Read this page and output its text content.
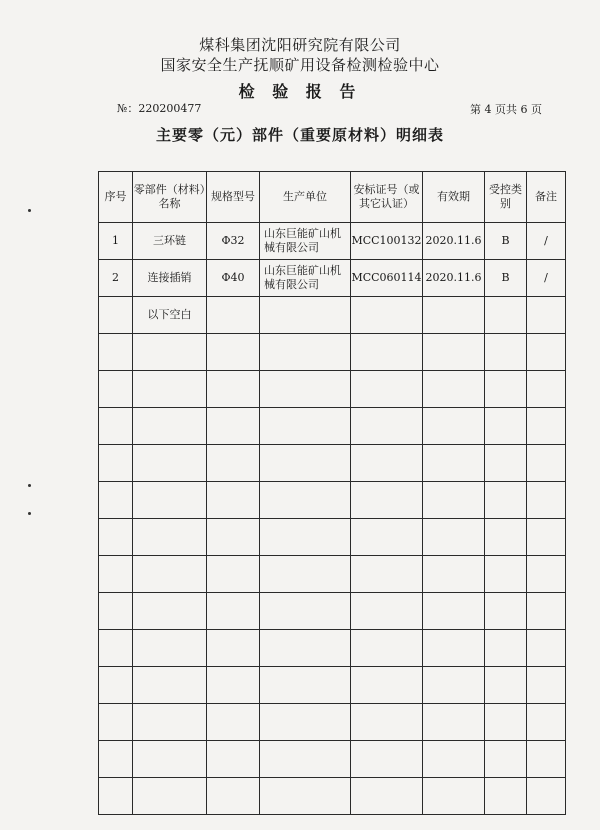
煤科集团沈阳研究院有限公司
国家安全生产抚顺矿用设备检测检验中心
检 验 报 告
№：220200477	第 4 页共 6 页
主要零（元）部件（重要原材料）明细表
序号	零部件（材料）名称	规格型号	生产单位	安标证号（或其它认证）	有效期	受控类别	备注
1	三环链	Φ32	山东巨能矿山机械有限公司	MCC100132	2020.11.6	B	/
2	连接插销	Φ40	山东巨能矿山机械有限公司	MCC060114	2020.11.6	B	/
	以下空白						
